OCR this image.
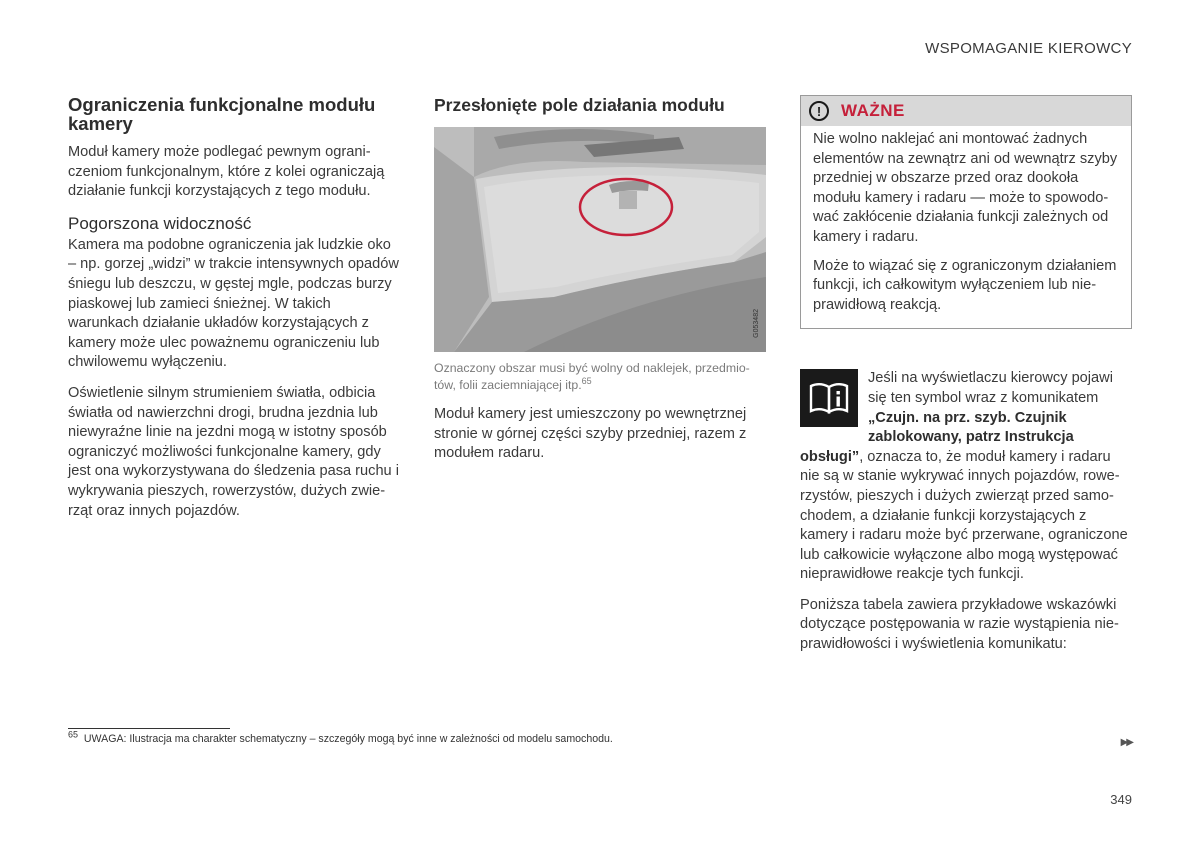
WSPOMAGANIE KIEROWCY
Ograniczenia funkcjonalne modułu kamery
Moduł kamery może podlegać pewnym ograniczeniom funkcjonalnym, które z kolei ograniczają działanie funkcji korzystających z tego modułu.
Pogorszona widoczność
Kamera ma podobne ograniczenia jak ludzkie oko – np. gorzej „widzi” w trakcie intensywnych opadów śniegu lub deszczu, w gęstej mgle, podczas burzy piaskowej lub zamieci śnieżnej. W takich warunkach działanie układów korzystających z kamery może ulec poważnemu ograniczeniu lub chwilowemu wyłączeniu.
Oświetlenie silnym strumieniem światła, odbicia światła od nawierzchni drogi, brudna jezdnia lub niewyraźne linie na jezdni mogą w istotny sposób ograniczyć możliwości funkcjonalne kamery, gdy jest ona wykorzystywana do śledzenia pasa ruchu i wykrywania pieszych, rowerzystów, dużych zwierząt oraz innych pojazdów.
Przesłonięte pole działania modułu
G053482
Oznaczony obszar musi być wolny od naklejek, przedmiotów, folii zaciemniającej itp.$^{65}$
Moduł kamery jest umieszczony po wewnętrznej stronie w górnej części szyby przedniej, razem z modułem radaru.
!	WAŻNE
Nie wolno naklejać ani montować żadnych elementów na zewnątrz ani od wewnątrz szyby przedniej w obszarze przed oraz dookoła modułu kamery i radaru — może to spowodować zakłócenie działania funkcji zależnych od kamery i radaru.
Może to wiązać się z ograniczonym działaniem funkcji, ich całkowitym wyłączeniem lub nieprawidłową reakcją.
Jeśli na wyświetlaczu kierowcy pojawi się ten symbol wraz z komunikatem „Czujn. na prz. szyb. Czujnik zablokowany, patrz Instrukcja obsługi”, oznacza to, że moduł kamery i radaru nie są w stanie wykrywać innych pojazdów, rowerzystów, pieszych i dużych zwierząt przed samochodem, a działanie funkcji korzystających z kamery i radaru może być przerwane, ograniczone lub całkowicie wyłączone albo mogą występować nieprawidłowe reakcje tych funkcji.
Poniższa tabela zawiera przykładowe wskazówki dotyczące postępowania w razie wystąpienia nieprawidłowości i wyświetlenia komunikatu:
$^{65}$ UWAGA: Ilustracja ma charakter schematyczny – szczegóły mogą być inne w zależności od modelu samochodu.	▶▶
349
